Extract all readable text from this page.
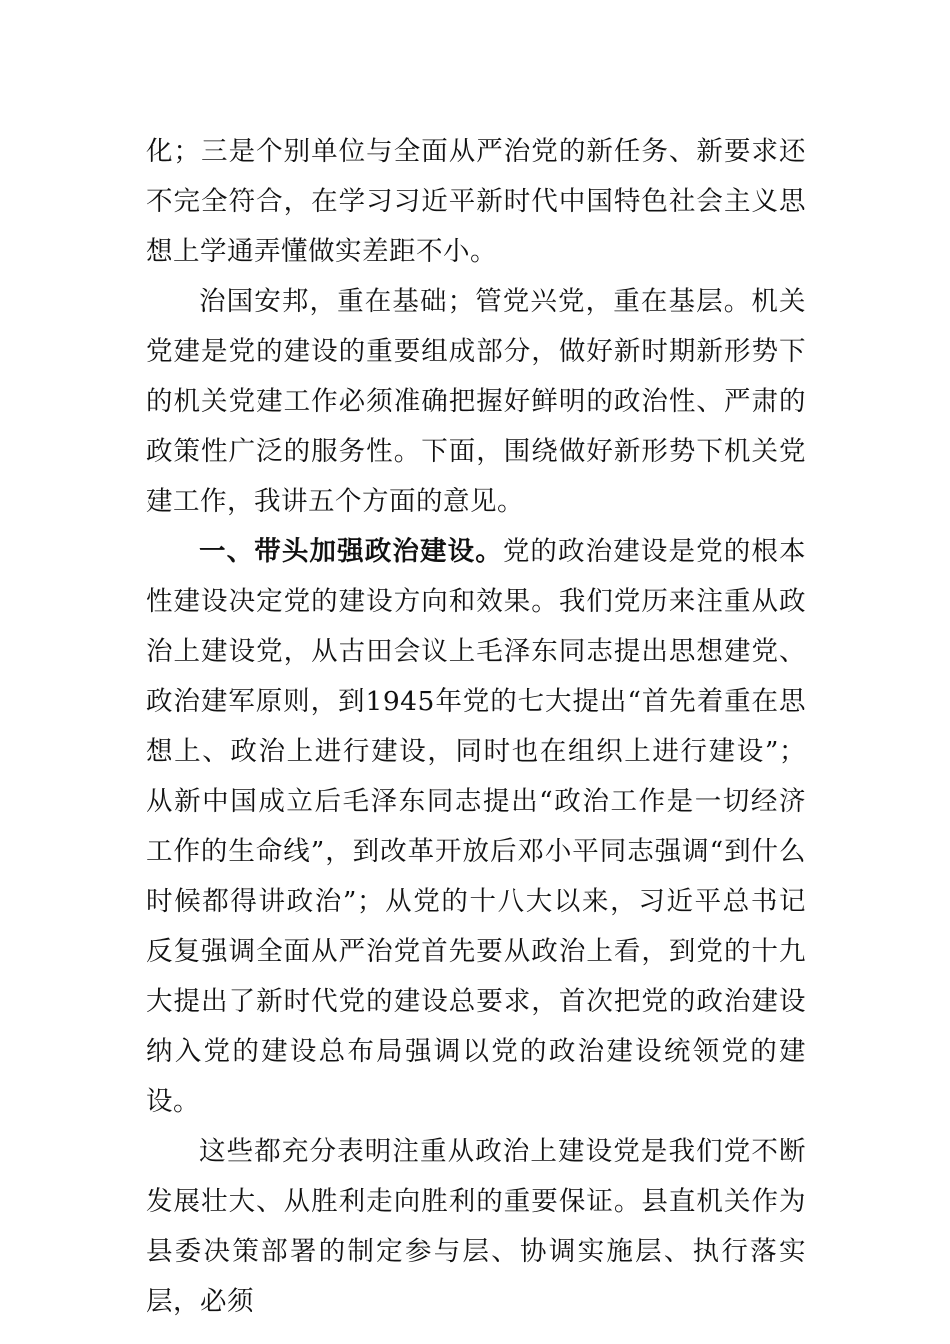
化；三是个别单位与全面从严治党的新任务、新要求还不完全符合，在学习习近平新时代中国特色社会主义思想上学通弄懂做实差距不小。

治国安邦，重在基础；管党兴党，重在基层。机关党建是党的建设的重要组成部分，做好新时期新形势下的机关党建工作必须准确把握好鲜明的政治性、严肃的政策性广泛的服务性。下面，围绕做好新形势下机关党建工作，我讲五个方面的意见。

一、带头加强政治建设。党的政治建设是党的根本性建设决定党的建设方向和效果。我们党历来注重从政治上建设党，从古田会议上毛泽东同志提出思想建党、政治建军原则，到1945年党的七大提出“首先着重在思想上、政治上进行建设，同时也在组织上进行建设”；从新中国成立后毛泽东同志提出“政治工作是一切经济工作的生命线”，到改革开放后邓小平同志强调“到什么时候都得讲政治”；从党的十八大以来，习近平总书记反复强调全面从严治党首先要从政治上看，到党的十九大提出了新时代党的建设总要求，首次把党的政治建设纳入党的建设总布局强调以党的政治建设统领党的建设。

这些都充分表明注重从政治上建设党是我们党不断发展壮大、从胜利走向胜利的重要保证。县直机关作为县委决策部署的制定参与层、协调实施层、执行落实层，必须
